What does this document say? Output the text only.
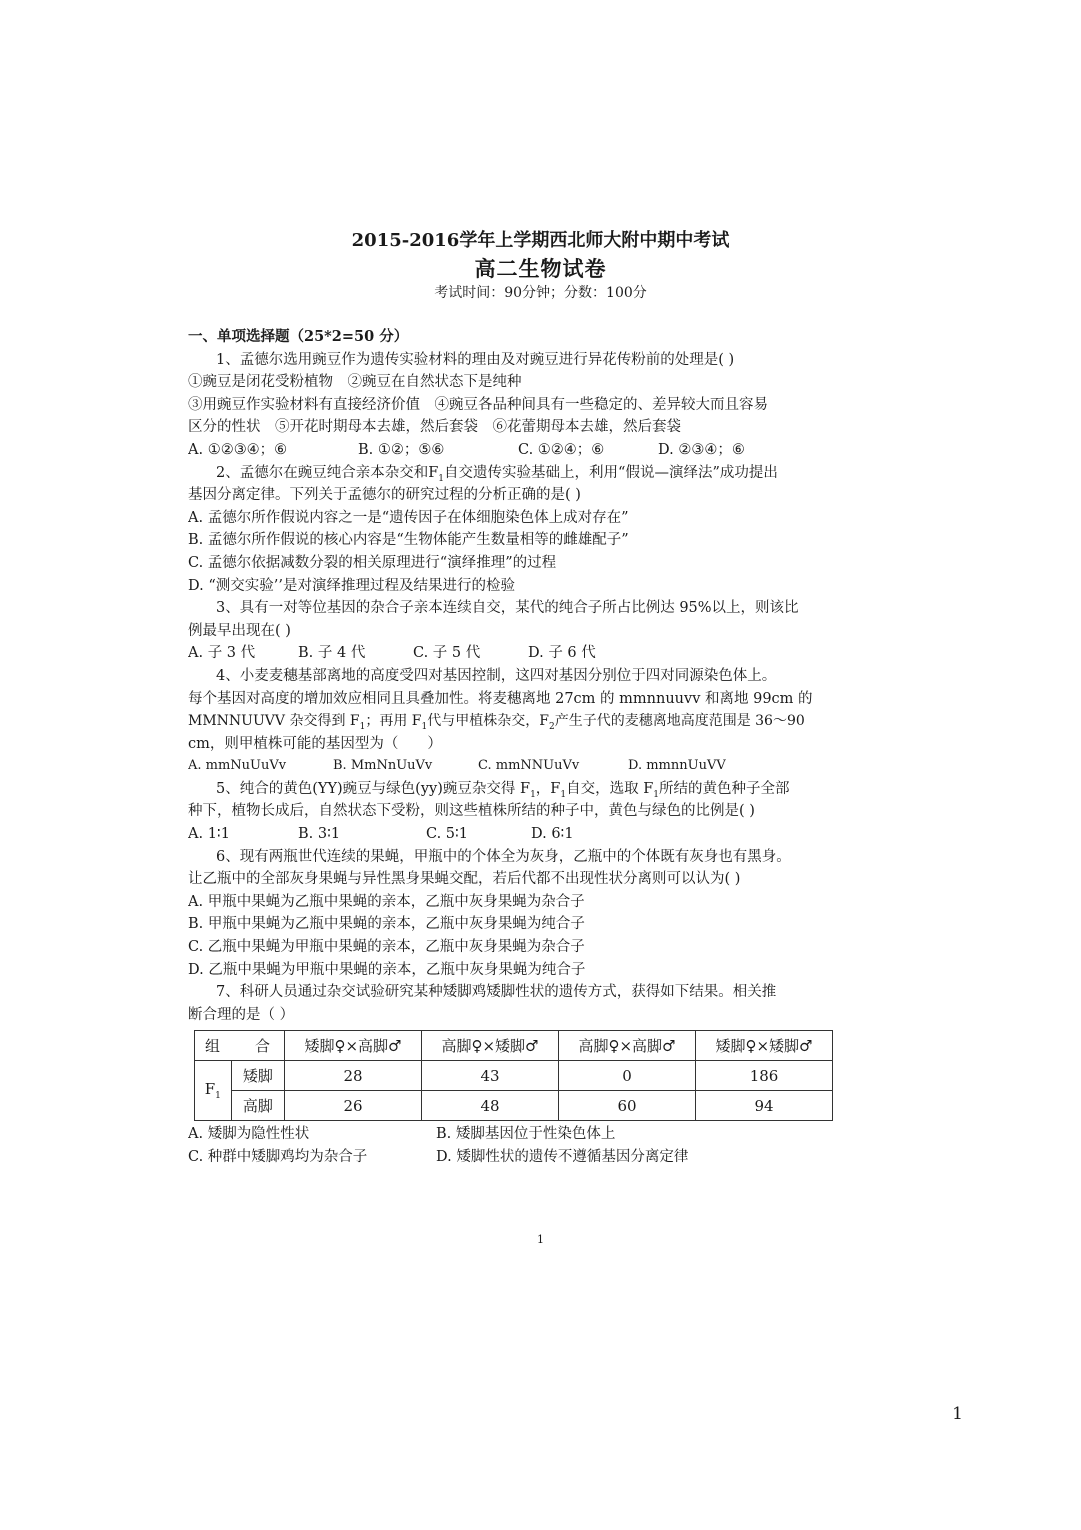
2015-2016学年上学期西北师大附中期中考试
高二生物试卷
考试时间：90分钟；分数：100分
一、单项选择题（25*2=50 分）
1、孟德尔选用豌豆作为遗传实验材料的理由及对豌豆进行异花传粉前的处理是( )
①豌豆是闭花受粉植物　②豌豆在自然状态下是纯种
③用豌豆作实验材料有直接经济价值　④豌豆各品种间具有一些稳定的、差异较大而且容易
区分的性状　⑤开花时期母本去雄，然后套袋　⑥花蕾期母本去雄，然后套袋
A. ①②③④；⑥	B. ①②；⑤⑥	C. ①②④；⑥	D. ②③④；⑥
2、孟德尔在豌豆纯合亲本杂交和$F_1$自交遗传实验基础上，利用“假说—演绎法”成功提出
基因分离定律。下列关于孟德尔的研究过程的分析正确的是( )
A. 孟德尔所作假说内容之一是“遗传因子在体细胞染色体上成对存在”
B. 孟德尔所作假说的核心内容是“生物体能产生数量相等的雌雄配子”
C. 孟德尔依据减数分裂的相关原理进行“演绎推理”的过程
D. “测交实验’’是对演绎推理过程及结果进行的检验
3、具有一对等位基因的杂合子亲本连续自交，某代的纯合子所占比例达 95%以上，则该比
例最早出现在( )
A. 子 3 代	B. 子 4 代	C. 子 5 代	D. 子 6 代
4、小麦麦穗基部离地的高度受四对基因控制，这四对基因分别位于四对同源染色体上。
每个基因对高度的增加效应相同且具叠加性。将麦穗离地 27cm 的 mmnnuuvv 和离地 99cm 的
MMNNUUVV 杂交得到 $F_1$；再用 $F_1$代与甲植株杂交，$F_2$产生子代的麦穗离地高度范围是 36～90
cm，则甲植株可能的基因型为（　　）
A. mmNuUuVv	B. MmNnUuVv	C. mmNNUuVv	D. mmnnUuVV
5、纯合的黄色(YY)豌豆与绿色(yy)豌豆杂交得 $F_1$，$F_1$自交，选取 $F_1$所结的黄色种子全部
种下，植物长成后，自然状态下受粉，则这些植株所结的种子中，黄色与绿色的比例是( )
A. 1∶1	B. 3∶1	C. 5∶1	D. 6∶1
6、现有两瓶世代连续的果蝇，甲瓶中的个体全为灰身，乙瓶中的个体既有灰身也有黑身。
让乙瓶中的全部灰身果蝇与异性黑身果蝇交配，若后代都不出现性状分离则可以认为( )
A. 甲瓶中果蝇为乙瓶中果蝇的亲本，乙瓶中灰身果蝇为杂合子
B. 甲瓶中果蝇为乙瓶中果蝇的亲本，乙瓶中灰身果蝇为纯合子
C. 乙瓶中果蝇为甲瓶中果蝇的亲本，乙瓶中灰身果蝇为杂合子
D. 乙瓶中果蝇为甲瓶中果蝇的亲本，乙瓶中灰身果蝇为纯合子
7、科研人员通过杂交试验研究某种矮脚鸡矮脚性状的遗传方式，获得如下结果。相关推
断合理的是（ ）
组　合		矮脚♀×高脚♂	高脚♀×矮脚♂	高脚♀×高脚♂	矮脚♀×矮脚♂
$F_1$	矮脚	28	43	0	186
	高脚	26	48	60	94
A. 矮脚为隐性性状	B. 矮脚基因位于性染色体上
C. 种群中矮脚鸡均为杂合子	D. 矮脚性状的遗传不遵循基因分离定律
1
1
